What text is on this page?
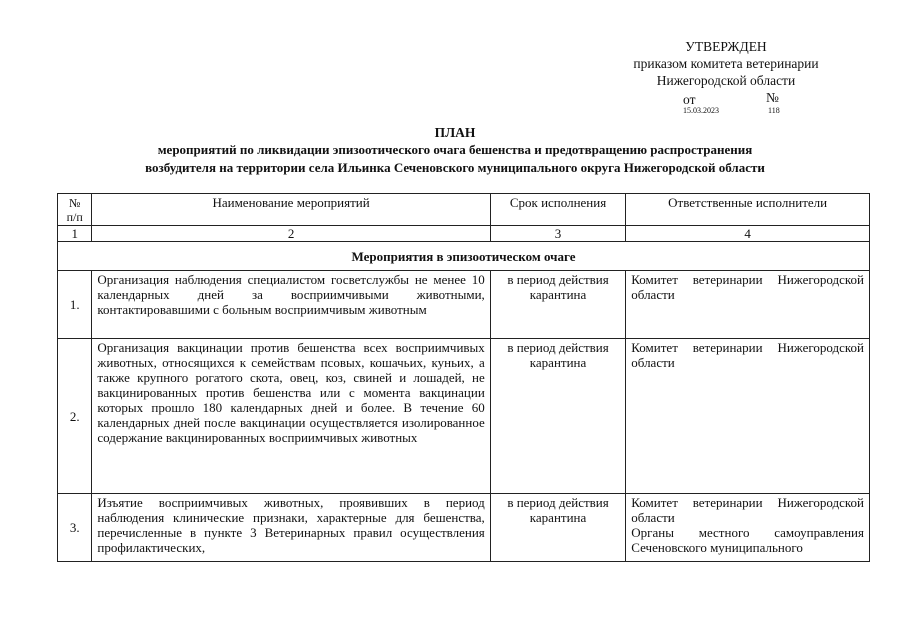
УТВЕРЖДЕН
приказом комитета ветеринарии
Нижегородской области
от	№
15.03.2023	118
ПЛАН
мероприятий по ликвидации эпизоотического очага бешенства и предотвращению распространения
возбудителя на территории села Ильинка Сеченовского муниципального округа Нижегородской области
№
п/п	Наименование мероприятий	Срок исполнения	Ответственные исполнители
1	2	3	4
Мероприятия в эпизоотическом очаге			
1.	Организация наблюдения специалистом госветслужбы не менее 10 календарных дней за восприимчивыми животными, контактировавшими с больным восприимчивым животным	в период действия карантина	Комитет ветеринарии Нижегородской области

2.	Организация вакцинации против бешенства всех восприимчивых животных, относящихся к семействам псовых, кошачьих, куньих, а также крупного рогатого скота, овец, коз, свиней и лошадей, не вакцинированных против бешенства или с момента вакцинации которых прошло 180 календарных дней и более. В течение 60 календарных дней после вакцинации осуществляется изолированное содержание вакцинированных восприимчивых животных	в период действия карантина	Комитет ветеринарии Нижегородской области

3.	Изъятие восприимчивых животных, проявивших в период наблюдения клинические признаки, характерные для бешенства, перечисленные в пункте 3 Ветеринарных правил осуществления профилактических,	в период действия карантина	Комитет ветеринарии Нижегородской области
Органы местного самоуправления Сеченовского муниципального
